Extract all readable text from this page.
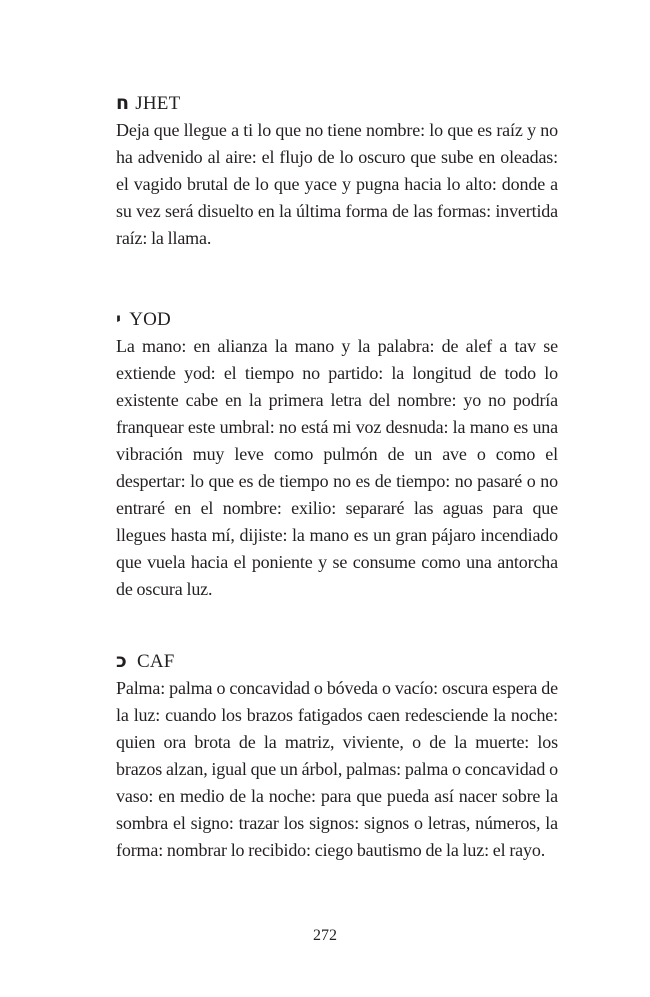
ח JHET

Deja que llegue a ti lo que no tiene nombre: lo que es raíz y no ha advenido al aire: el flujo de lo oscuro que sube en oleadas: el vagido brutal de lo que yace y pugna hacia lo alto: donde a su vez será disuelto en la última forma de las formas: invertida raíz: la llama.

י YOD

La mano: en alianza la mano y la palabra: de alef a tav se extiende yod: el tiempo no partido: la longitud de todo lo existente cabe en la primera letra del nombre: yo no podría franquear este umbral: no está mi voz desnuda: la mano es una vibración muy leve como pulmón de un ave o como el despertar: lo que es de tiempo no es de tiempo: no pasaré o no entraré en el nombre: exilio: separaré las aguas para que llegues hasta mí, dijiste: la mano es un gran pájaro incendiado que vuela hacia el poniente y se consume como una antorcha de oscura luz.

כ CAF

Palma: palma o concavidad o bóveda o vacío: oscura espera de la luz: cuando los brazos fatigados caen redesciende la noche: quien ora brota de la matriz, viviente, o de la muerte: los brazos alzan, igual que un árbol, palmas: palma o concavidad o vaso: en medio de la noche: para que pueda así nacer sobre la sombra el signo: trazar los signos: signos o letras, números, la forma: nombrar lo recibido: ciego bautismo de la luz: el rayo.

272
